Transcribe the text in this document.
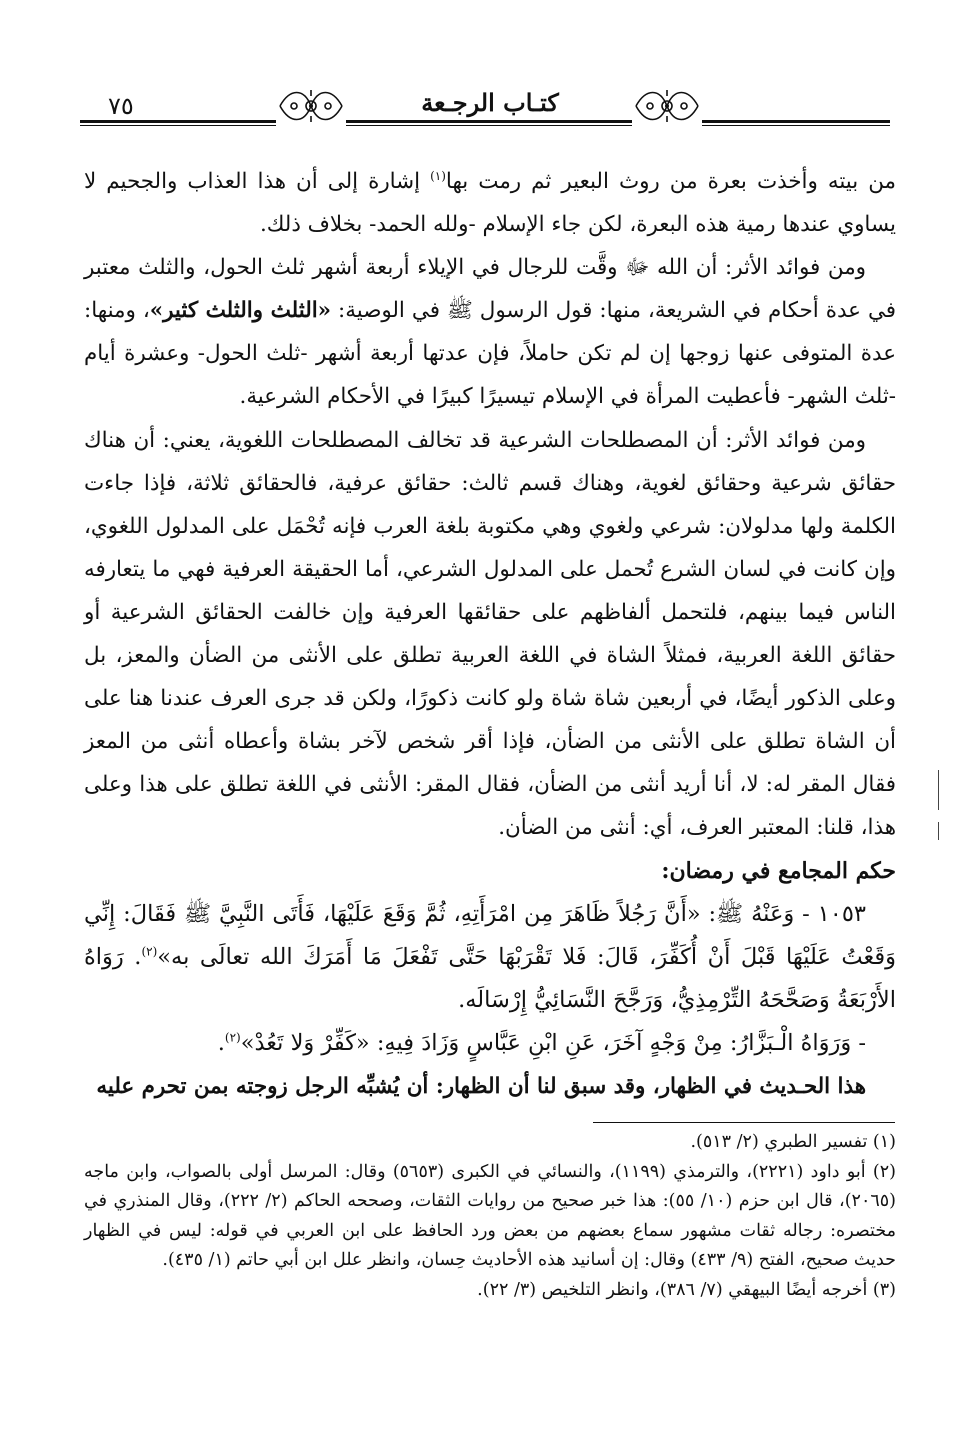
٧٥	كتـاب الرجـعة

من بيته وأخذت بعرة من روث البعير ثم رمت بها$^{(١)}$ إشارة إلى أن هذا العذاب والجحيم لا يساوي عندها رمية هذه البعرة، لكن جاء الإسلام -ولله الحمد- بخلاف ذلك.

ومن فوائد الأثر: أن الله ﷻ وقَّت للرجال في الإيلاء أربعة أشهر ثلث الحول، والثلث معتبر في عدة أحكام في الشريعة، منها: قول الرسول ﷺ في الوصية: «الثلث والثلث كثير»، ومنها: عدة المتوفى عنها زوجها إن لم تكن حاملاً، فإن عدتها أربعة أشهر -ثلث الحول- وعشرة أيام -ثلث الشهر- فأعطيت المرأة في الإسلام تيسيرًا كبيرًا في الأحكام الشرعية.

ومن فوائد الأثر: أن المصطلحات الشرعية قد تخالف المصطلحات اللغوية، يعني: أن هناك حقائق شرعية وحقائق لغوية، وهناك قسم ثالث: حقائق عرفية، فالحقائق ثلاثة، فإذا جاءت الكلمة ولها مدلولان: شرعي ولغوي وهي مكتوبة بلغة العرب فإنه تُحْمَل على المدلول اللغوي، وإن كانت في لسان الشرع تُحمل على المدلول الشرعي، أما الحقيقة العرفية فهي ما يتعارفه الناس فيما بينهم، فلتحمل ألفاظهم على حقائقها العرفية وإن خالفت الحقائق الشرعية أو حقائق اللغة العربية، فمثلاً الشاة في اللغة العربية تطلق على الأنثى من الضأن والمعز، بل وعلى الذكور أيضًا، في أربعين شاة شاة ولو كانت ذكورًا، ولكن قد جرى العرف عندنا هنا على أن الشاة تطلق على الأنثى من الضأن، فإذا أقر شخص لآخر بشاة وأعطاه أنثى من المعز فقال المقر له: لا، أنا أريد أنثى من الضأن، فقال المقر: الأنثى في اللغة تطلق على هذا وعلى هذا، قلنا: المعتبر العرف، أي: أنثى من الضأن.

حكم المجامع في رمضان:

١٠٥٣ - وَعَنْهُ ﷺ: «أَنَّ رَجُلاً ظَاهَرَ مِن امْرَأَتِهِ، ثُمَّ وَقَعَ عَلَيْهَا، فَأَتَى النَّبِيَّ ﷺ فَقَالَ: إِنِّي وَقَعْتُ عَلَيْهَا قَبْلَ أَنْ أُكَفِّرَ، قَالَ: فَلا تَقْرَبْهَا حَتَّى تَفْعَلَ مَا أَمَرَكَ الله تعالَى به»$^{(٢)}$. رَوَاهُ الأَرْبَعَةُ وَصَحَّحَهُ التِّرْمِذِيُّ، وَرَجَّحَ النَّسَائِيُّ إِرْسَالَه.

- وَرَوَاهُ الْـبَزَّارُ: مِنْ وَجْهٍ آخَرَ، عَنِ ابْنِ عَبَّاسٍ وَزَادَ فِيهِ: «كَفِّرْ وَلا تَعُدْ»$^{(٢)}$.

هذا الحـديث في الظهار، وقد سبق لنا أن الظهار: أن يُشبِّه الرجل زوجته بمن تحرم عليه

(١) تفسير الطبري (٢/ ٥١٣).

(٢) أبو داود (٢٢٢١)، والترمذي (١١٩٩)، والنسائي في الكبرى (٥٦٥٣) وقال: المرسل أولى بالصواب، وابن ماجه (٢٠٦٥)، قال ابن حزم (١٠/ ٥٥): هذا خبر صحيح من روايات الثقات، وصححه الحاكم (٢/ ٢٢٢)، وقال المنذري في مختصره: رجاله ثقات مشهور سماع بعضهم من بعض ورد الحافظ على ابن العربي في قوله: ليس في الظهار حديث صحيح، الفتح (٩/ ٤٣٣) وقال: إن أسانيد هذه الأحاديث حِسان، وانظر علل ابن أبي حاتم (١/ ٤٣٥).

(٣) أخرجه أيضًا البيهقي (٧/ ٣٨٦)، وانظر التلخيص (٣/ ٢٢).
